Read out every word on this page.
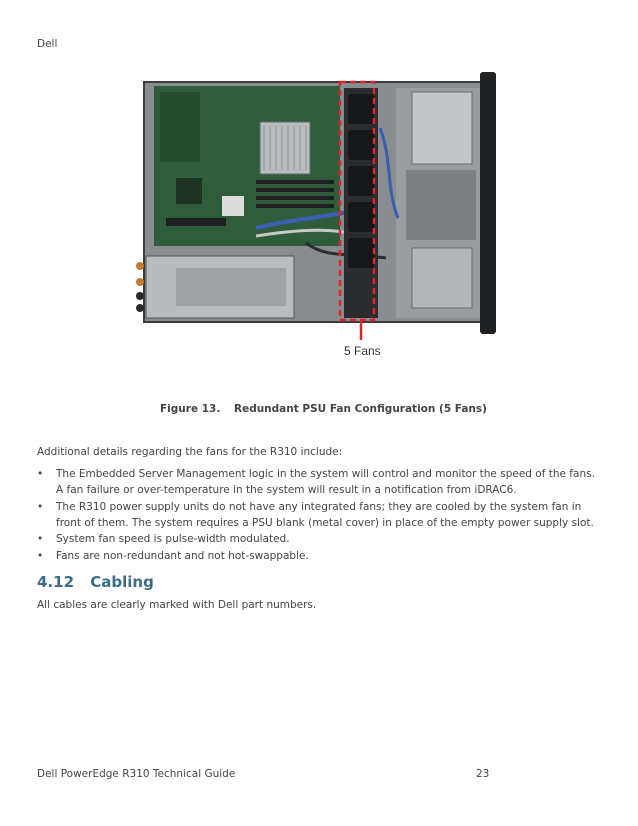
Dell
5 Fans
Figure 13. Redundant PSU Fan Configuration (5 Fans)
Additional details regarding the fans for the R310 include:
• The Embedded Server Management logic in the system will control and monitor the speed of the fans. A fan failure or over-temperature in the system will result in a notification from iDRAC6.
• The R310 power supply units do not have any integrated fans; they are cooled by the system fan in front of them. The system requires a PSU blank (metal cover) in place of the empty power supply slot.
• System fan speed is pulse-width modulated.
• Fans are non-redundant and not hot-swappable.
4.12 Cabling
All cables are clearly marked with Dell part numbers.
Dell PowerEdge R310 Technical Guide	23
